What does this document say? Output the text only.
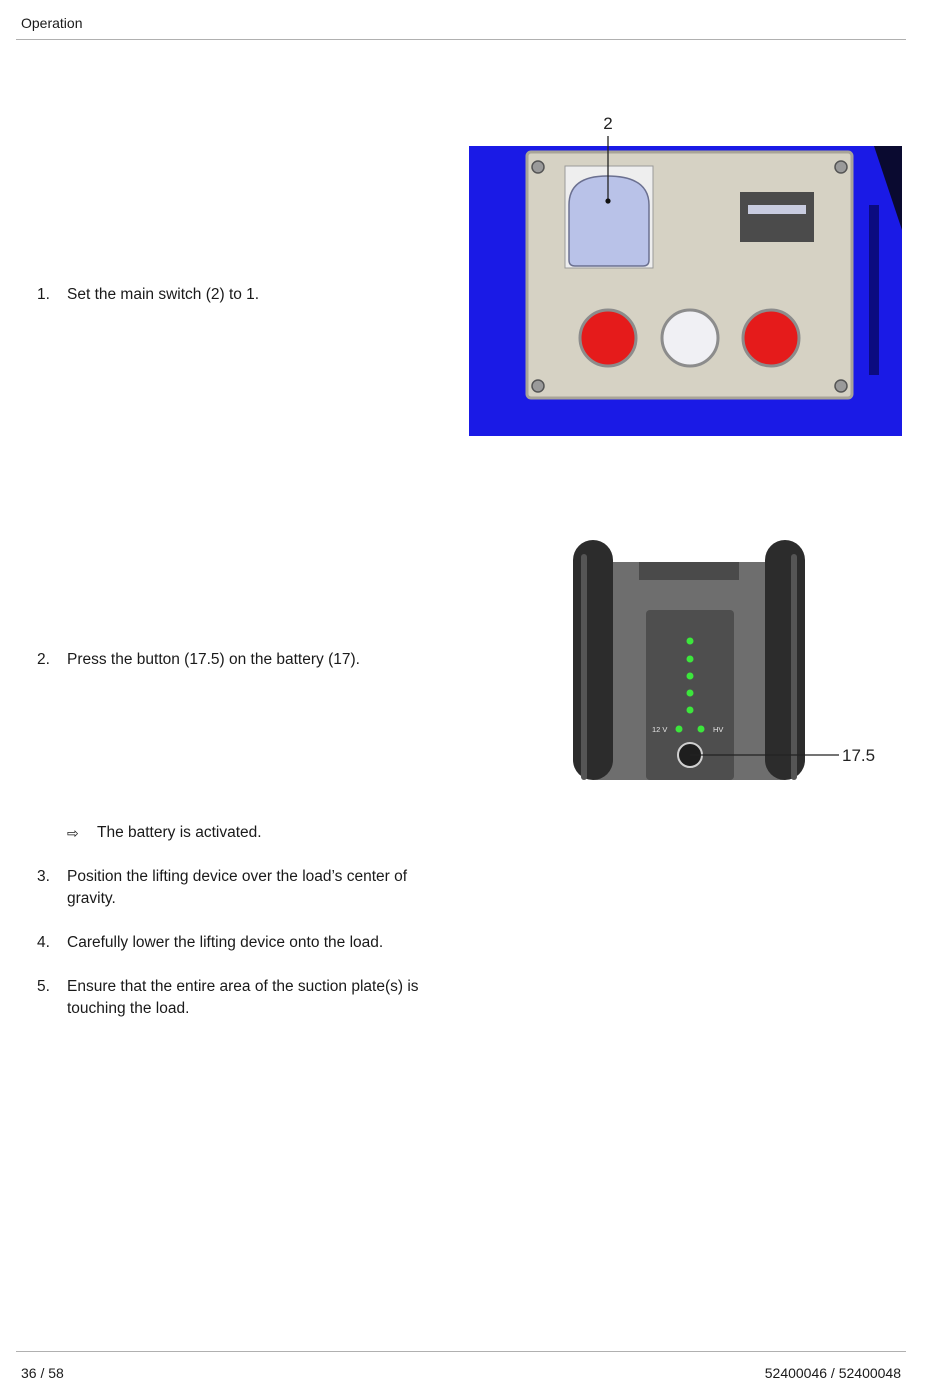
Operation
1. Set the main switch (2) to 1.
2
2. Press the button (17.5) on the battery (17).
12 V	HV
17.5
⇨ The battery is activated.
3. Position the lifting device over the load’s center of gravity.
4. Carefully lower the lifting device onto the load.
5. Ensure that the entire area of the suction plate(s) is touching the load.
36 / 58	52400046 / 52400048
